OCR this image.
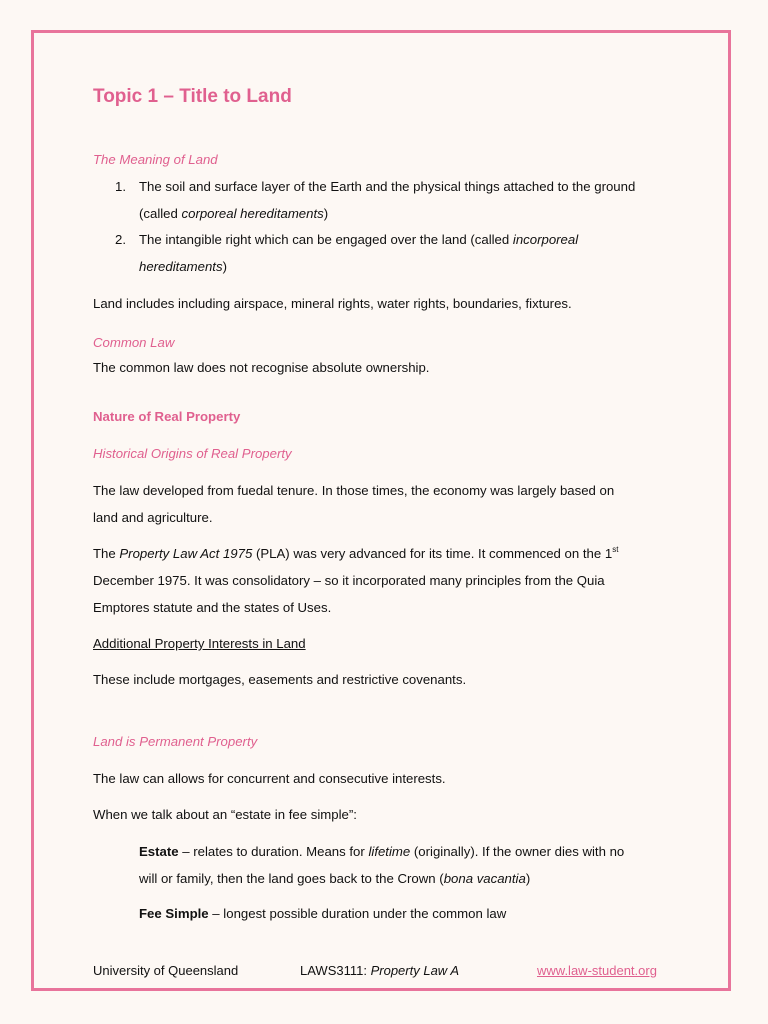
Topic 1 – Title to Land
The Meaning of Land
1. The soil and surface layer of the Earth and the physical things attached to the ground
(called corporeal hereditaments)
2. The intangible right which can be engaged over the land (called incorporeal
hereditaments)
Land includes including airspace, mineral rights, water rights, boundaries, fixtures.
Common Law
The common law does not recognise absolute ownership.
Nature of Real Property
Historical Origins of Real Property
The law developed from fuedal tenure. In those times, the economy was largely based on
land and agriculture.
The Property Law Act 1975 (PLA) was very advanced for its time. It commenced on the 1st
December 1975. It was consolidatory – so it incorporated many principles from the Quia
Emptores statute and the states of Uses.
Additional Property Interests in Land
These include mortgages, easements and restrictive covenants.
Land is Permanent Property
The law can allows for concurrent and consecutive interests.
When we talk about an “estate in fee simple”:
Estate – relates to duration. Means for lifetime (originally). If the owner dies with no
will or family, then the land goes back to the Crown (bona vacantia)
Fee Simple – longest possible duration under the common law
University of Queensland	LAWS3111: Property Law A	www.law-student.org
